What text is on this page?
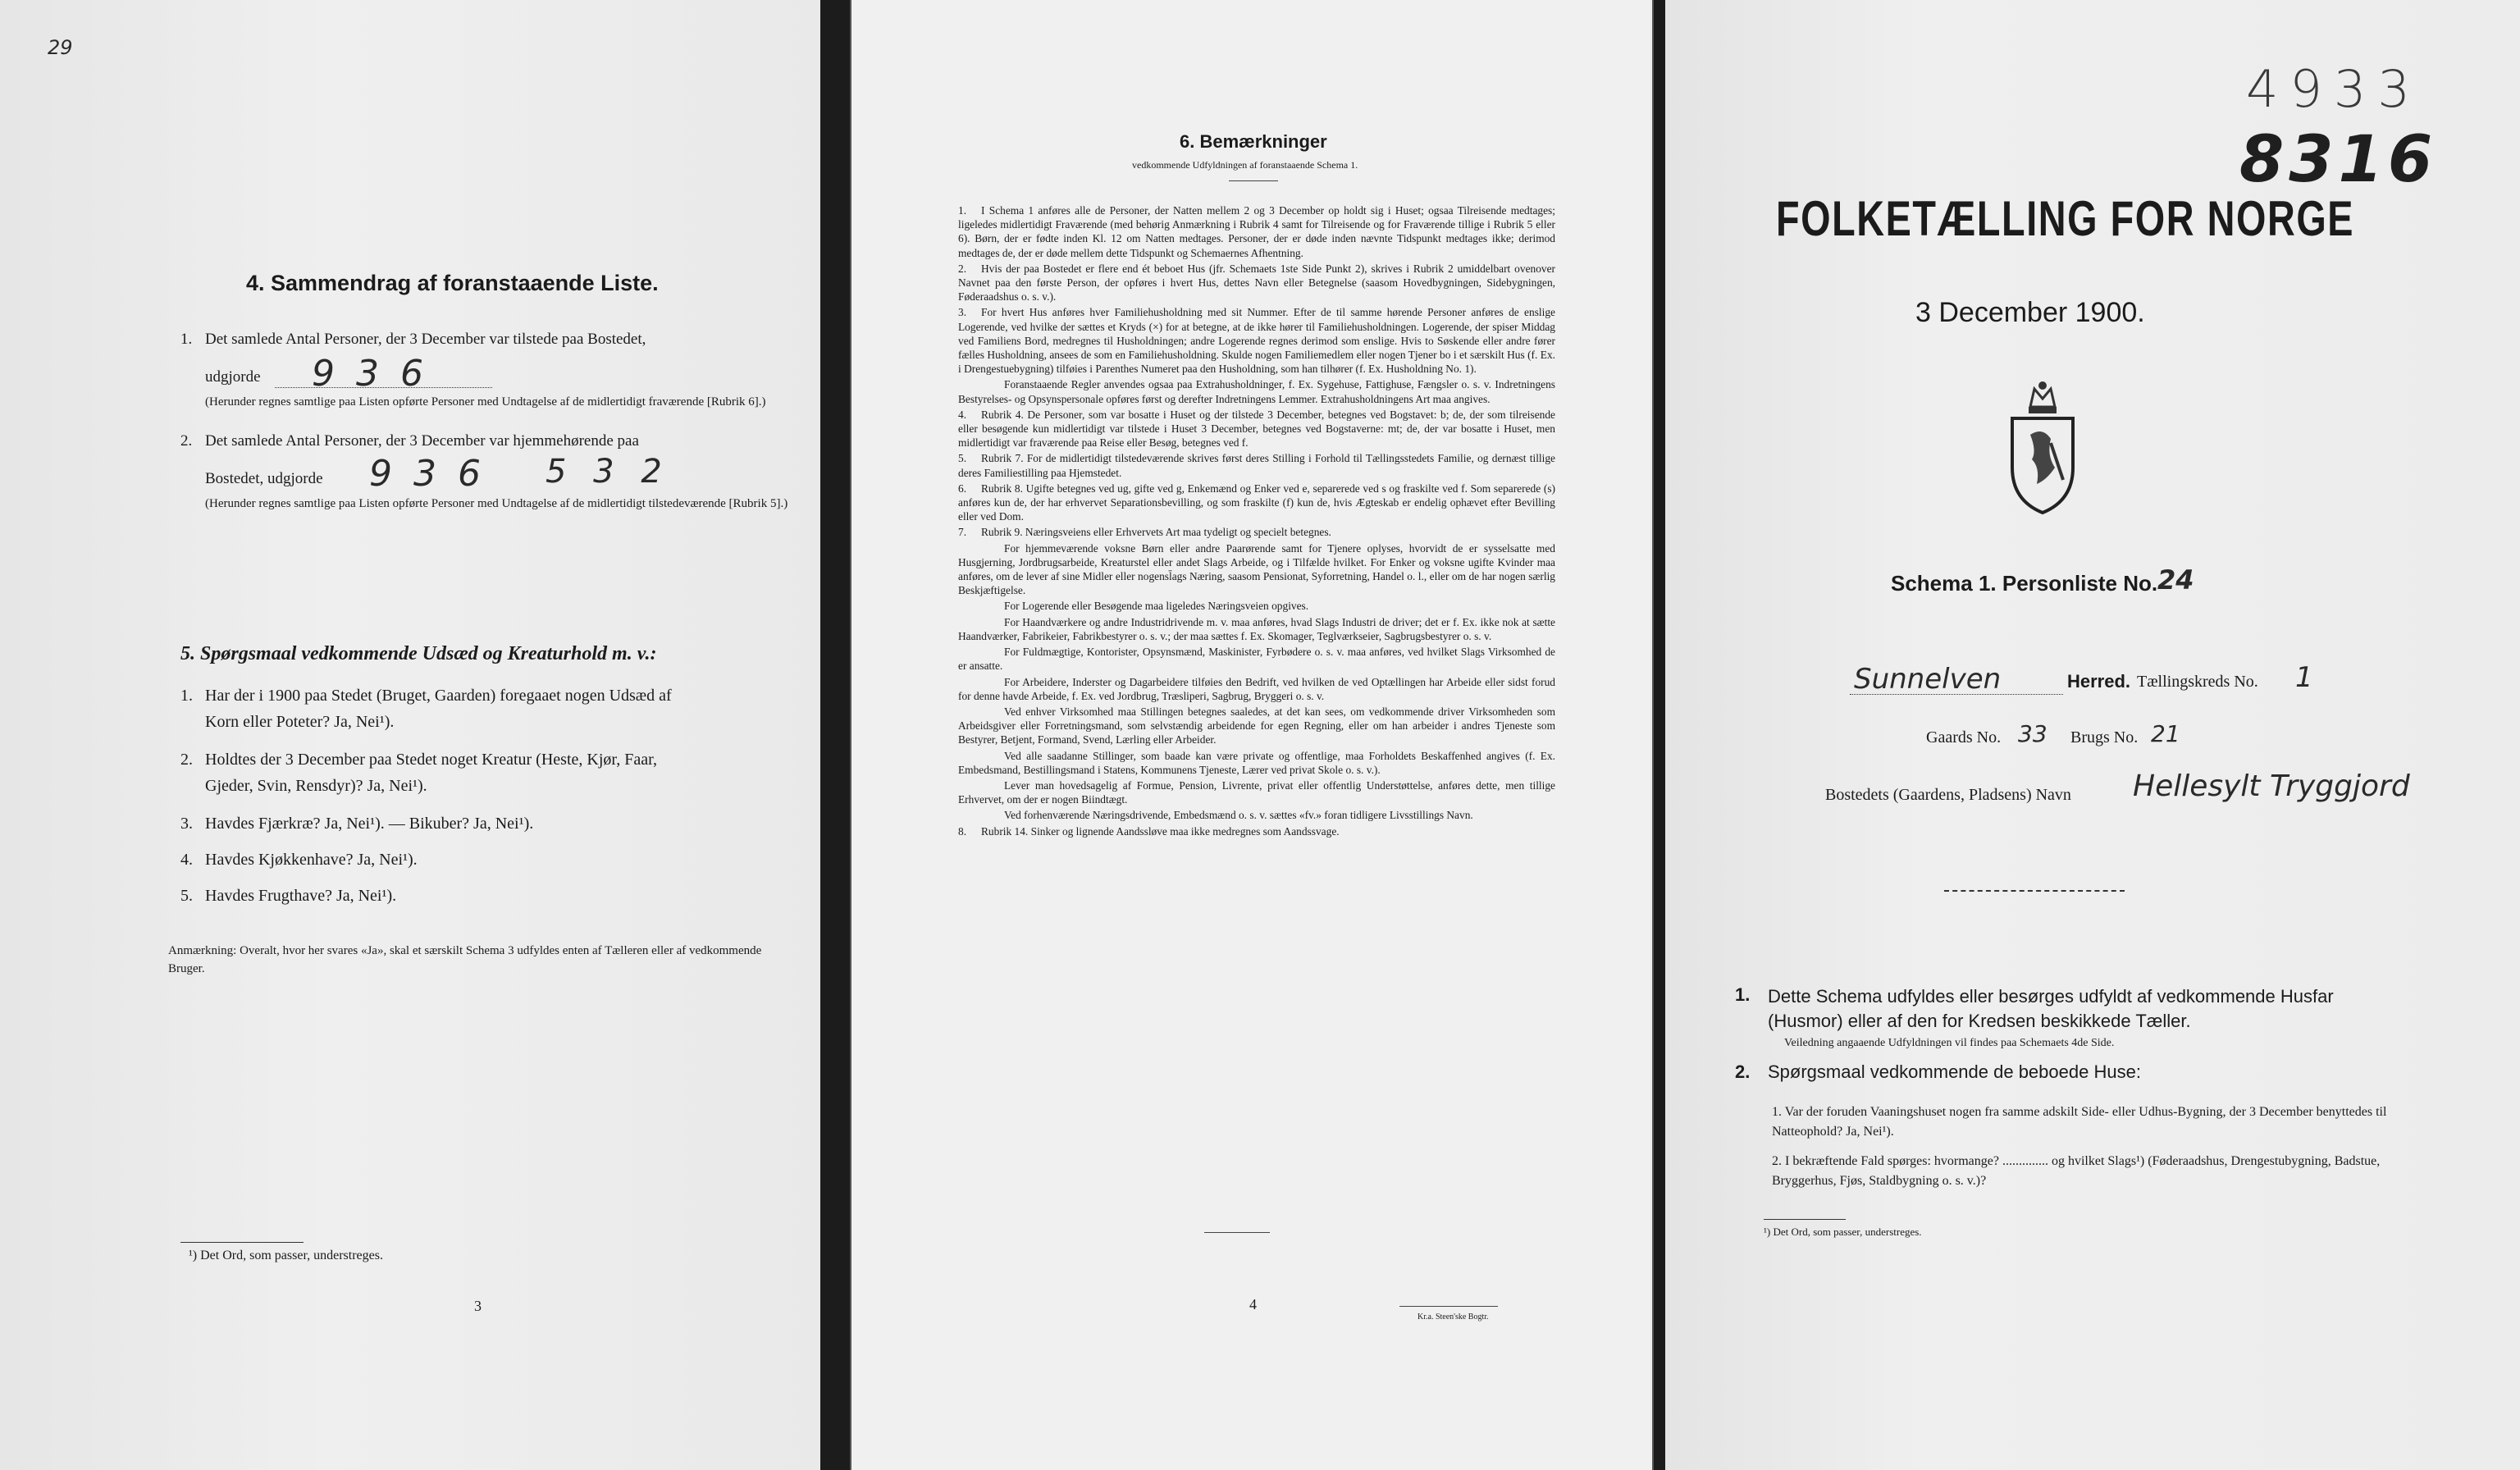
29
4. Sammendrag af foranstaaende Liste.
1. Det samlede Antal Personer, der 3 December var tilstede paa Bostedet,
udgjorde 9 3 6
(Herunder regnes samtlige paa Listen opførte Personer med Undtagelse af de midlertidigt fraværende [Rubrik 6].)
2. Det samlede Antal Personer, der 3 December var hjemmehørende paa
Bostedet, udgjorde 9 3 6 5 3 2
(Herunder regnes samtlige paa Listen opførte Personer med Undtagelse af de midlertidigt tilstedeværende [Rubrik 5].)
5. Spørgsmaal vedkommende Udsæd og Kreaturhold m. v.:
1. Har der i 1900 paa Stedet (Bruget, Gaarden) foregaaet nogen Udsæd af
Korn eller Poteter? Ja, Nei¹).
2. Holdtes der 3 December paa Stedet noget Kreatur (Heste, Kjør, Faar,
Gjeder, Svin, Rensdyr)? Ja, Nei¹).
3. Havdes Fjærkræ? Ja, Nei¹). — Bikuber? Ja, Nei¹).
4. Havdes Kjøkkenhave? Ja, Nei¹).
5. Havdes Frugthave? Ja, Nei¹).
Anmærkning: Overalt, hvor her svares «Ja», skal et særskilt Schema 3 udfyldes enten af Tælleren eller af vedkommende Bruger.
¹) Det Ord, som passer, understreges.
3
6. Bemærkninger
vedkommende Udfyldningen af foranstaaende Schema 1.

1. I Schema 1 anføres alle de Personer, der Natten mellem 2 og 3 December op holdt sig i Huset; ogsaa Tilreisende medtages; ligeledes midlertidigt Fraværende (med behørig Anmærkning i Rubrik 4 samt for Tilreisende og for Fraværende tillige i Rubrik 5 eller 6). Børn, der er fødte inden Kl. 12 om Natten medtages. Personer, der er døde inden nævnte Tidspunkt medtages ikke; derimod medtages de, der er døde mellem dette Tidspunkt og Schemaernes Afhentning.

2. Hvis der paa Bostedet er flere end ét beboet Hus (jfr. Schemaets 1ste Side Punkt 2), skrives i Rubrik 2 umiddelbart ovenover Navnet paa den første Person, der opføres i hvert Hus, dettes Navn eller Betegnelse (saasom Hovedbygningen, Sidebygningen, Føderaadshus o. s. v.).

3. For hvert Hus anføres hver Familiehusholdning med sit Nummer. Efter de til samme hørende Personer anføres de enslige Logerende, ved hvilke der sættes et Kryds (×) for at betegne, at de ikke hører til Familiehusholdningen. Logerende, der spiser Middag ved Familiens Bord, medregnes til Husholdningen; andre Logerende regnes derimod som enslige. Hvis to Søskende eller andre fører fælles Husholdning, ansees de som en Familiehusholdning. Skulde nogen Familiemedlem eller nogen Tjener bo i et særskilt Hus (f. Ex. i Drengestuebygning) tilføies i Parenthes Numeret paa den Husholdning, som han tilhører (f. Ex. Husholdning No. 1).

Foranstaaende Regler anvendes ogsaa paa Extrahusholdninger, f. Ex. Sygehuse, Fattighuse, Fængsler o. s. v. Indretningens Bestyrelses- og Opsynspersonale opføres først og derefter Indretningens Lemmer. Extrahusholdningens Art maa angives.

4. Rubrik 4. De Personer, som var bosatte i Huset og der tilstede 3 December, betegnes ved Bogstavet: b; de, der som tilreisende eller besøgende kun midlertidigt var tilstede i Huset 3 December, betegnes ved Bogstaverne: mt; de, der var bosatte i Huset, men midlertidigt var fraværende paa Reise eller Besøg, betegnes ved f.

5. Rubrik 7. For de midlertidigt tilstedeværende skrives først deres Stilling i Forhold til Tællingsstedets Familie, og dernæst tillige deres Familiestilling paa Hjemstedet.

6. Rubrik 8. Ugifte betegnes ved ug, gifte ved g, Enkemænd og Enker ved e, separerede ved s og fraskilte ved f. Som separerede (s) anføres kun de, der har erhvervet Separationsbevilling, og som fraskilte (f) kun de, hvis Ægteskab er endelig ophævet efter Bevilling eller ved Dom.

7. Rubrik 9. Næringsveiens eller Erhvervets Art maa tydeligt og specielt betegnes.

For hjemmeværende voksne Børn eller andre Paarørende samt for Tjenere oplyses, hvorvidt de er sysselsatte med Husgjerning, Jordbrugsarbeide, Kreaturstel eller andet Slags Arbeide, og i Tilfælde hvilket. For Enker og voksne ugifte Kvinder maa anføres, om de lever af sine Midler eller nogensl̄ags Næring, saasom Pensionat, Syforretning, Handel o. l., eller om de har nogen særlig Beskjæftigelse.

For Logerende eller Besøgende maa ligeledes Næringsveien opgives.

For Haandværkere og andre Industridrivende m. v. maa anføres, hvad Slags Industri de driver; det er f. Ex. ikke nok at sætte Haandværker, Fabrikeier, Fabrikbestyrer o. s. v.; der maa sættes f. Ex. Skomager, Teglværkseier, Sagbrugsbestyrer o. s. v.

For Fuldmægtige, Kontorister, Opsynsmænd, Maskinister, Fyrbødere o. s. v. maa anføres, ved hvilket Slags Virksomhed de er ansatte.

For Arbeidere, Inderster og Dagarbeidere tilføies den Bedrift, ved hvilken de ved Optællingen har Arbeide eller sidst forud for denne havde Arbeide, f. Ex. ved Jordbrug, Træsliperi, Sagbrug, Bryggeri o. s. v.

Ved enhver Virksomhed maa Stillingen betegnes saaledes, at det kan sees, om vedkommende driver Virksomheden som Arbeidsgiver eller Forretningsmand, som selvstændig arbeidende for egen Regning, eller om han arbeider i andres Tjeneste som Bestyrer, Betjent, Formand, Svend, Lærling eller Arbeider.

Ved alle saadanne Stillinger, som baade kan være private og offentlige, maa Forholdets Beskaffenhed angives (f. Ex. Embedsmand, Bestillingsmand i Statens, Kommunens Tjeneste, Lærer ved privat Skole o. s. v.).

Lever man hovedsagelig af Formue, Pension, Livrente, privat eller offentlig Understøttelse, anføres dette, men tillige Erhvervet, om der er nogen Biindtægt.

Ved forhenværende Næringsdrivende, Embedsmænd o. s. v. sættes «fv.» foran tidligere Livsstillings Navn.

8. Rubrik 14. Sinker og lignende Aandssløve maa ikke medregnes som Aandssvage.

4
Kr.a. Steen'ske Bogtr.
4933
8316
FOLKETÆLLING FOR NORGE
3 December 1900.
Schema 1. Personliste No. 24
Sunnelven	Herred. Tællingskreds No. 1
Gaards No. 33 Brugs No. 21
Bostedets (Gaardens, Pladsens) Navn Hellesylt Tryggjord
1. Dette Schema udfyldes eller besørges udfyldt af vedkommende Husfar (Husmor) eller af den for Kredsen beskikkede Tæller.
Veiledning angaaende Udfyldningen vil findes paa Schemaets 4de Side.
2. Spørgsmaal vedkommende de beboede Huse:
1. Var der foruden Vaaningshuset nogen fra samme adskilt Side- eller Udhus-Bygning, der 3 December benyttedes til Natteophold? Ja, Nei¹).
2. I bekræftende Fald spørges: hvormange? .............. og hvilket Slags¹) (Føderaadshus, Drengestubygning, Badstue, Bryggerhus, Fjøs, Staldbygning o. s. v.)?
¹) Det Ord, som passer, understreges.
